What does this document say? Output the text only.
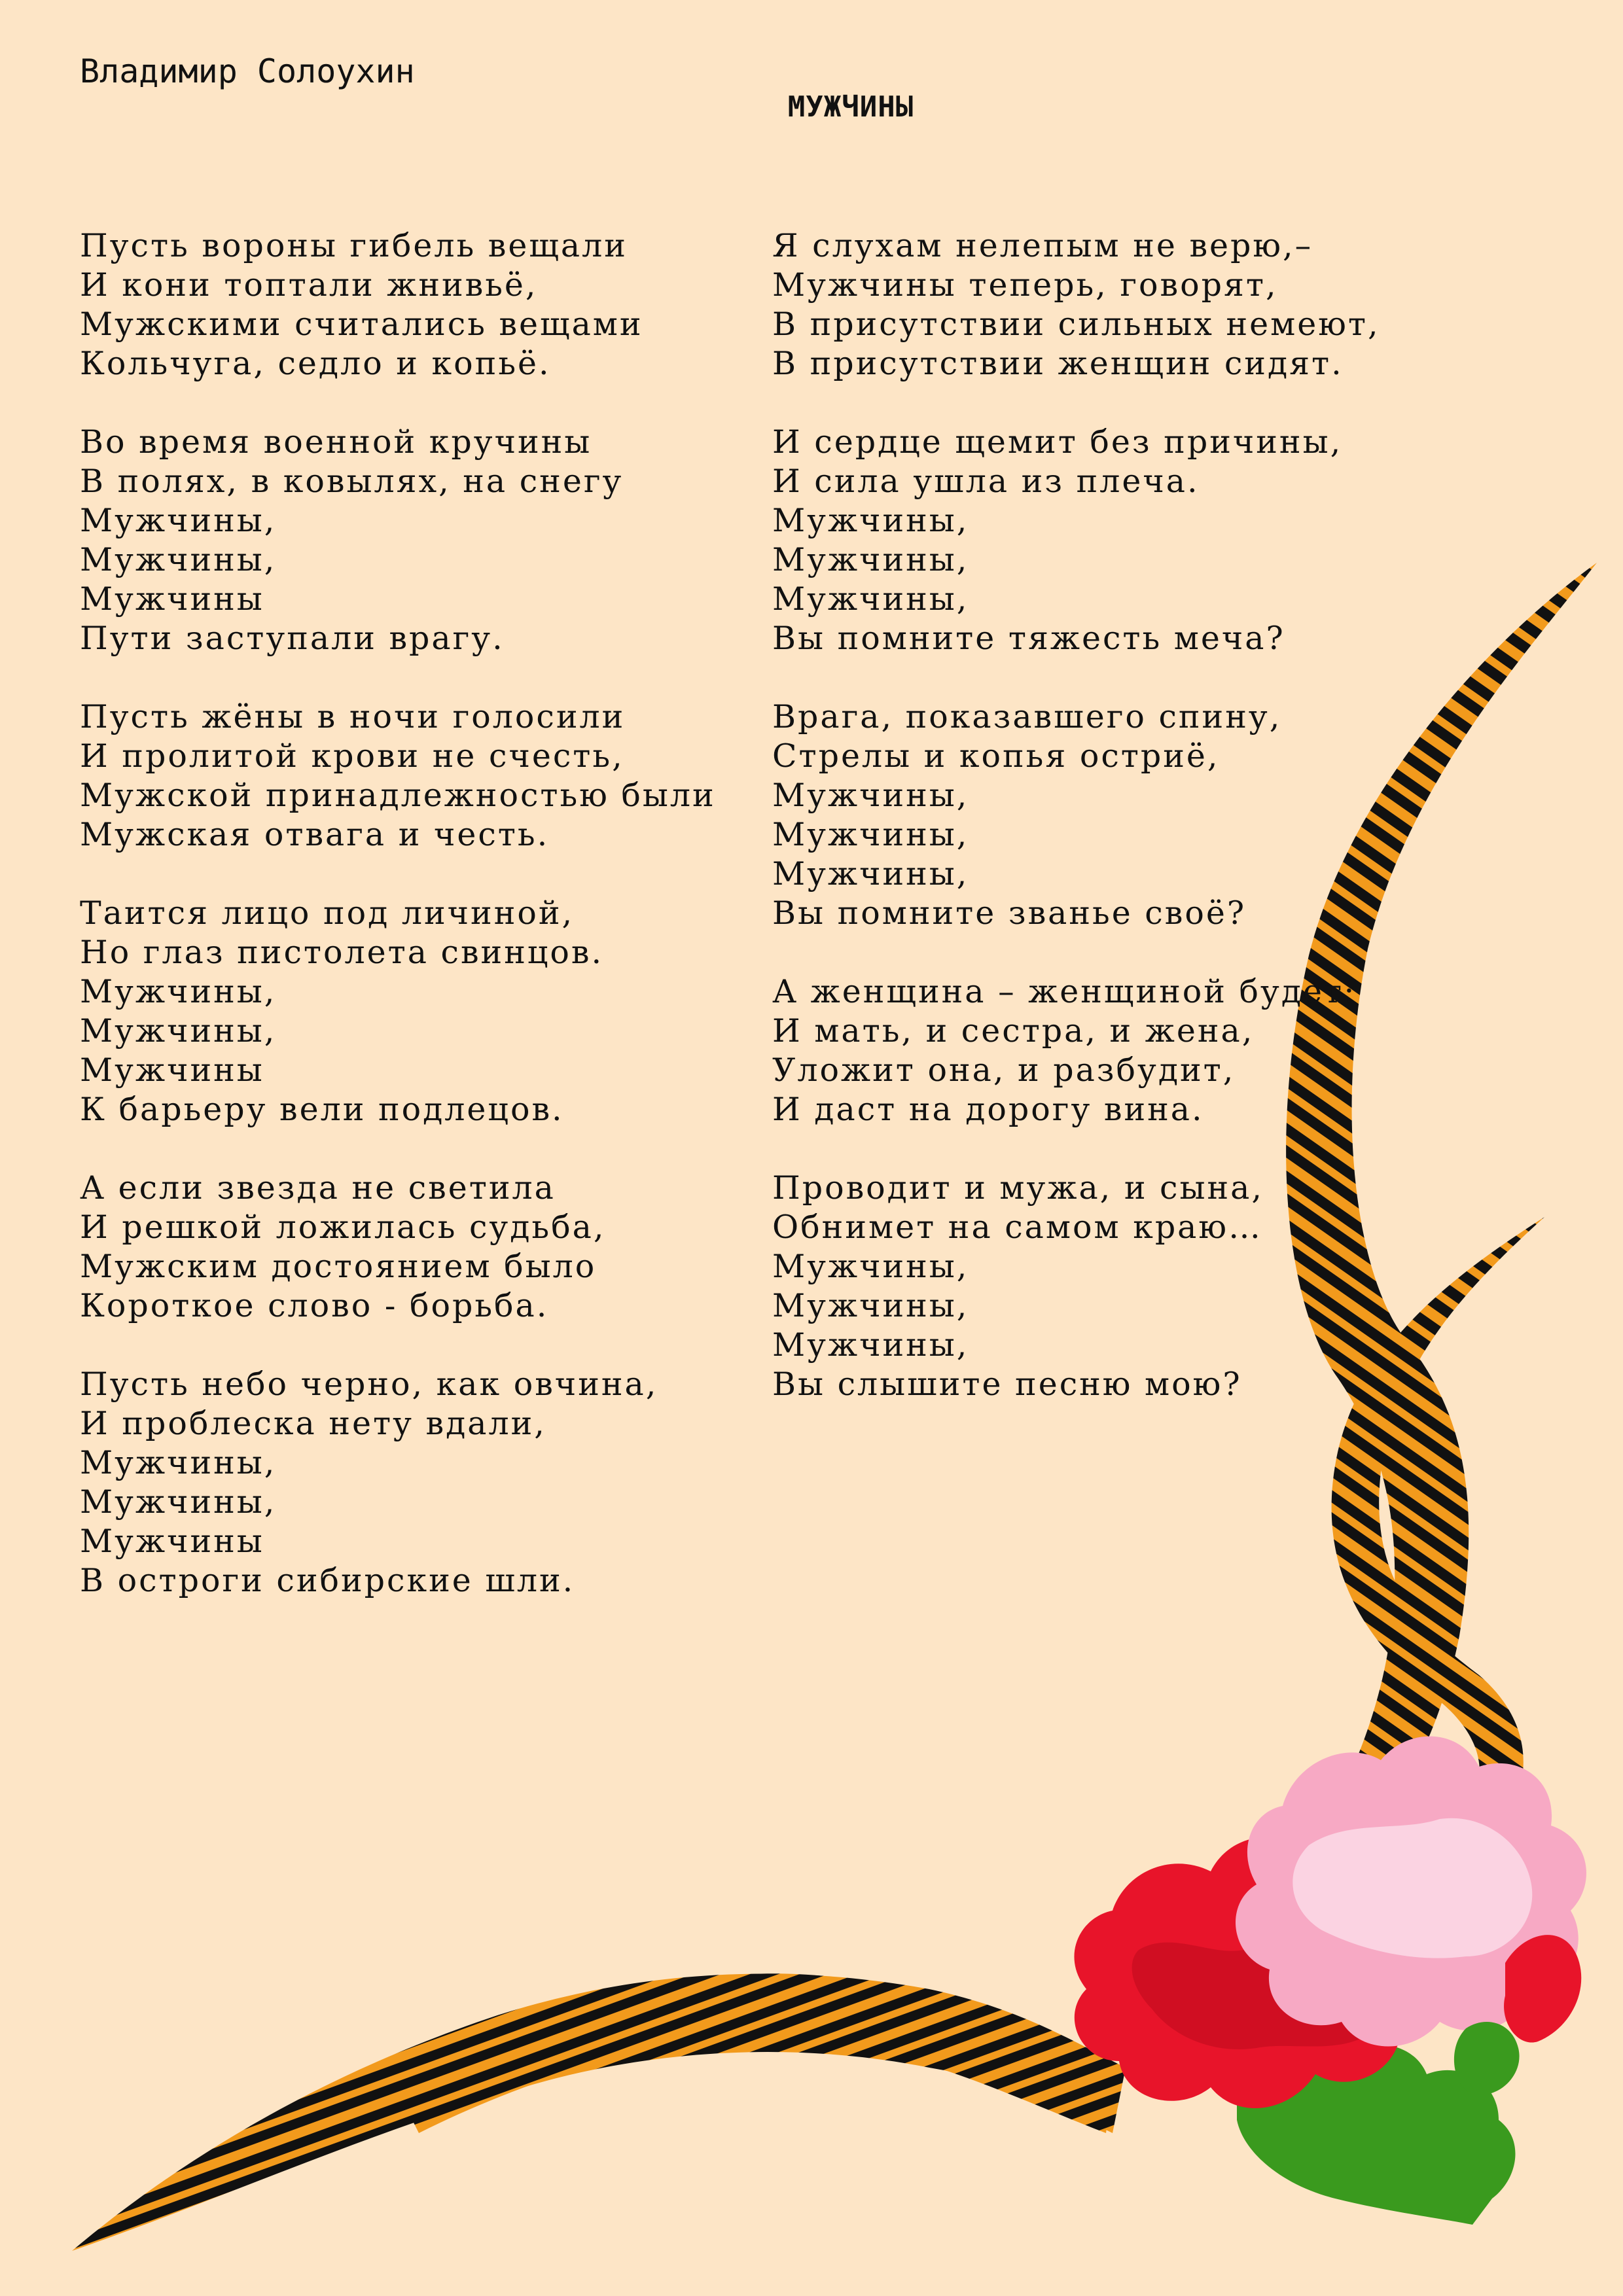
Владимир Солоухин
МУЖЧИНЫ
Пусть вороны гибель вещали
И кони топтали жнивьё,
Мужскими считались вещами
Кольчуга, седло и копьё.
Во время военной кручины
В полях, в ковылях, на снегу
Мужчины,
Мужчины,
Мужчины
Пути заступали врагу.
Пусть жёны в ночи голосили
И пролитой крови не счесть,
Мужской принадлежностью были
Мужская отвага и честь.
Таится лицо под личиной,
Но глаз пистолета свинцов.
Мужчины,
Мужчины,
Мужчины
К барьеру вели подлецов.
А если звезда не светила
И решкой ложилась судьба,
Мужским достоянием было
Короткое слово - борьба.
Пусть небо черно, как овчина,
И проблеска нету вдали,
Мужчины,
Мужчины,
Мужчины
В остроги сибирские шли.
Я слухам нелепым не верю,–
Мужчины теперь, говорят,
В присутствии сильных немеют,
В присутствии женщин сидят.
И сердце щемит без причины,
И сила ушла из плеча.
Мужчины,
Мужчины,
Мужчины,
Вы помните тяжесть меча?
Врага, показавшего спину,
Стрелы и копья остриё,
Мужчины,
Мужчины,
Мужчины,
Вы помните званье своё?
А женщина – женщиной будет:
И мать, и сестра, и жена,
Уложит она, и разбудит,
И даст на дорогу вина.
Проводит и мужа, и сына,
Обнимет на самом краю…
Мужчины,
Мужчины,
Мужчины,
Вы слышите песню мою?
